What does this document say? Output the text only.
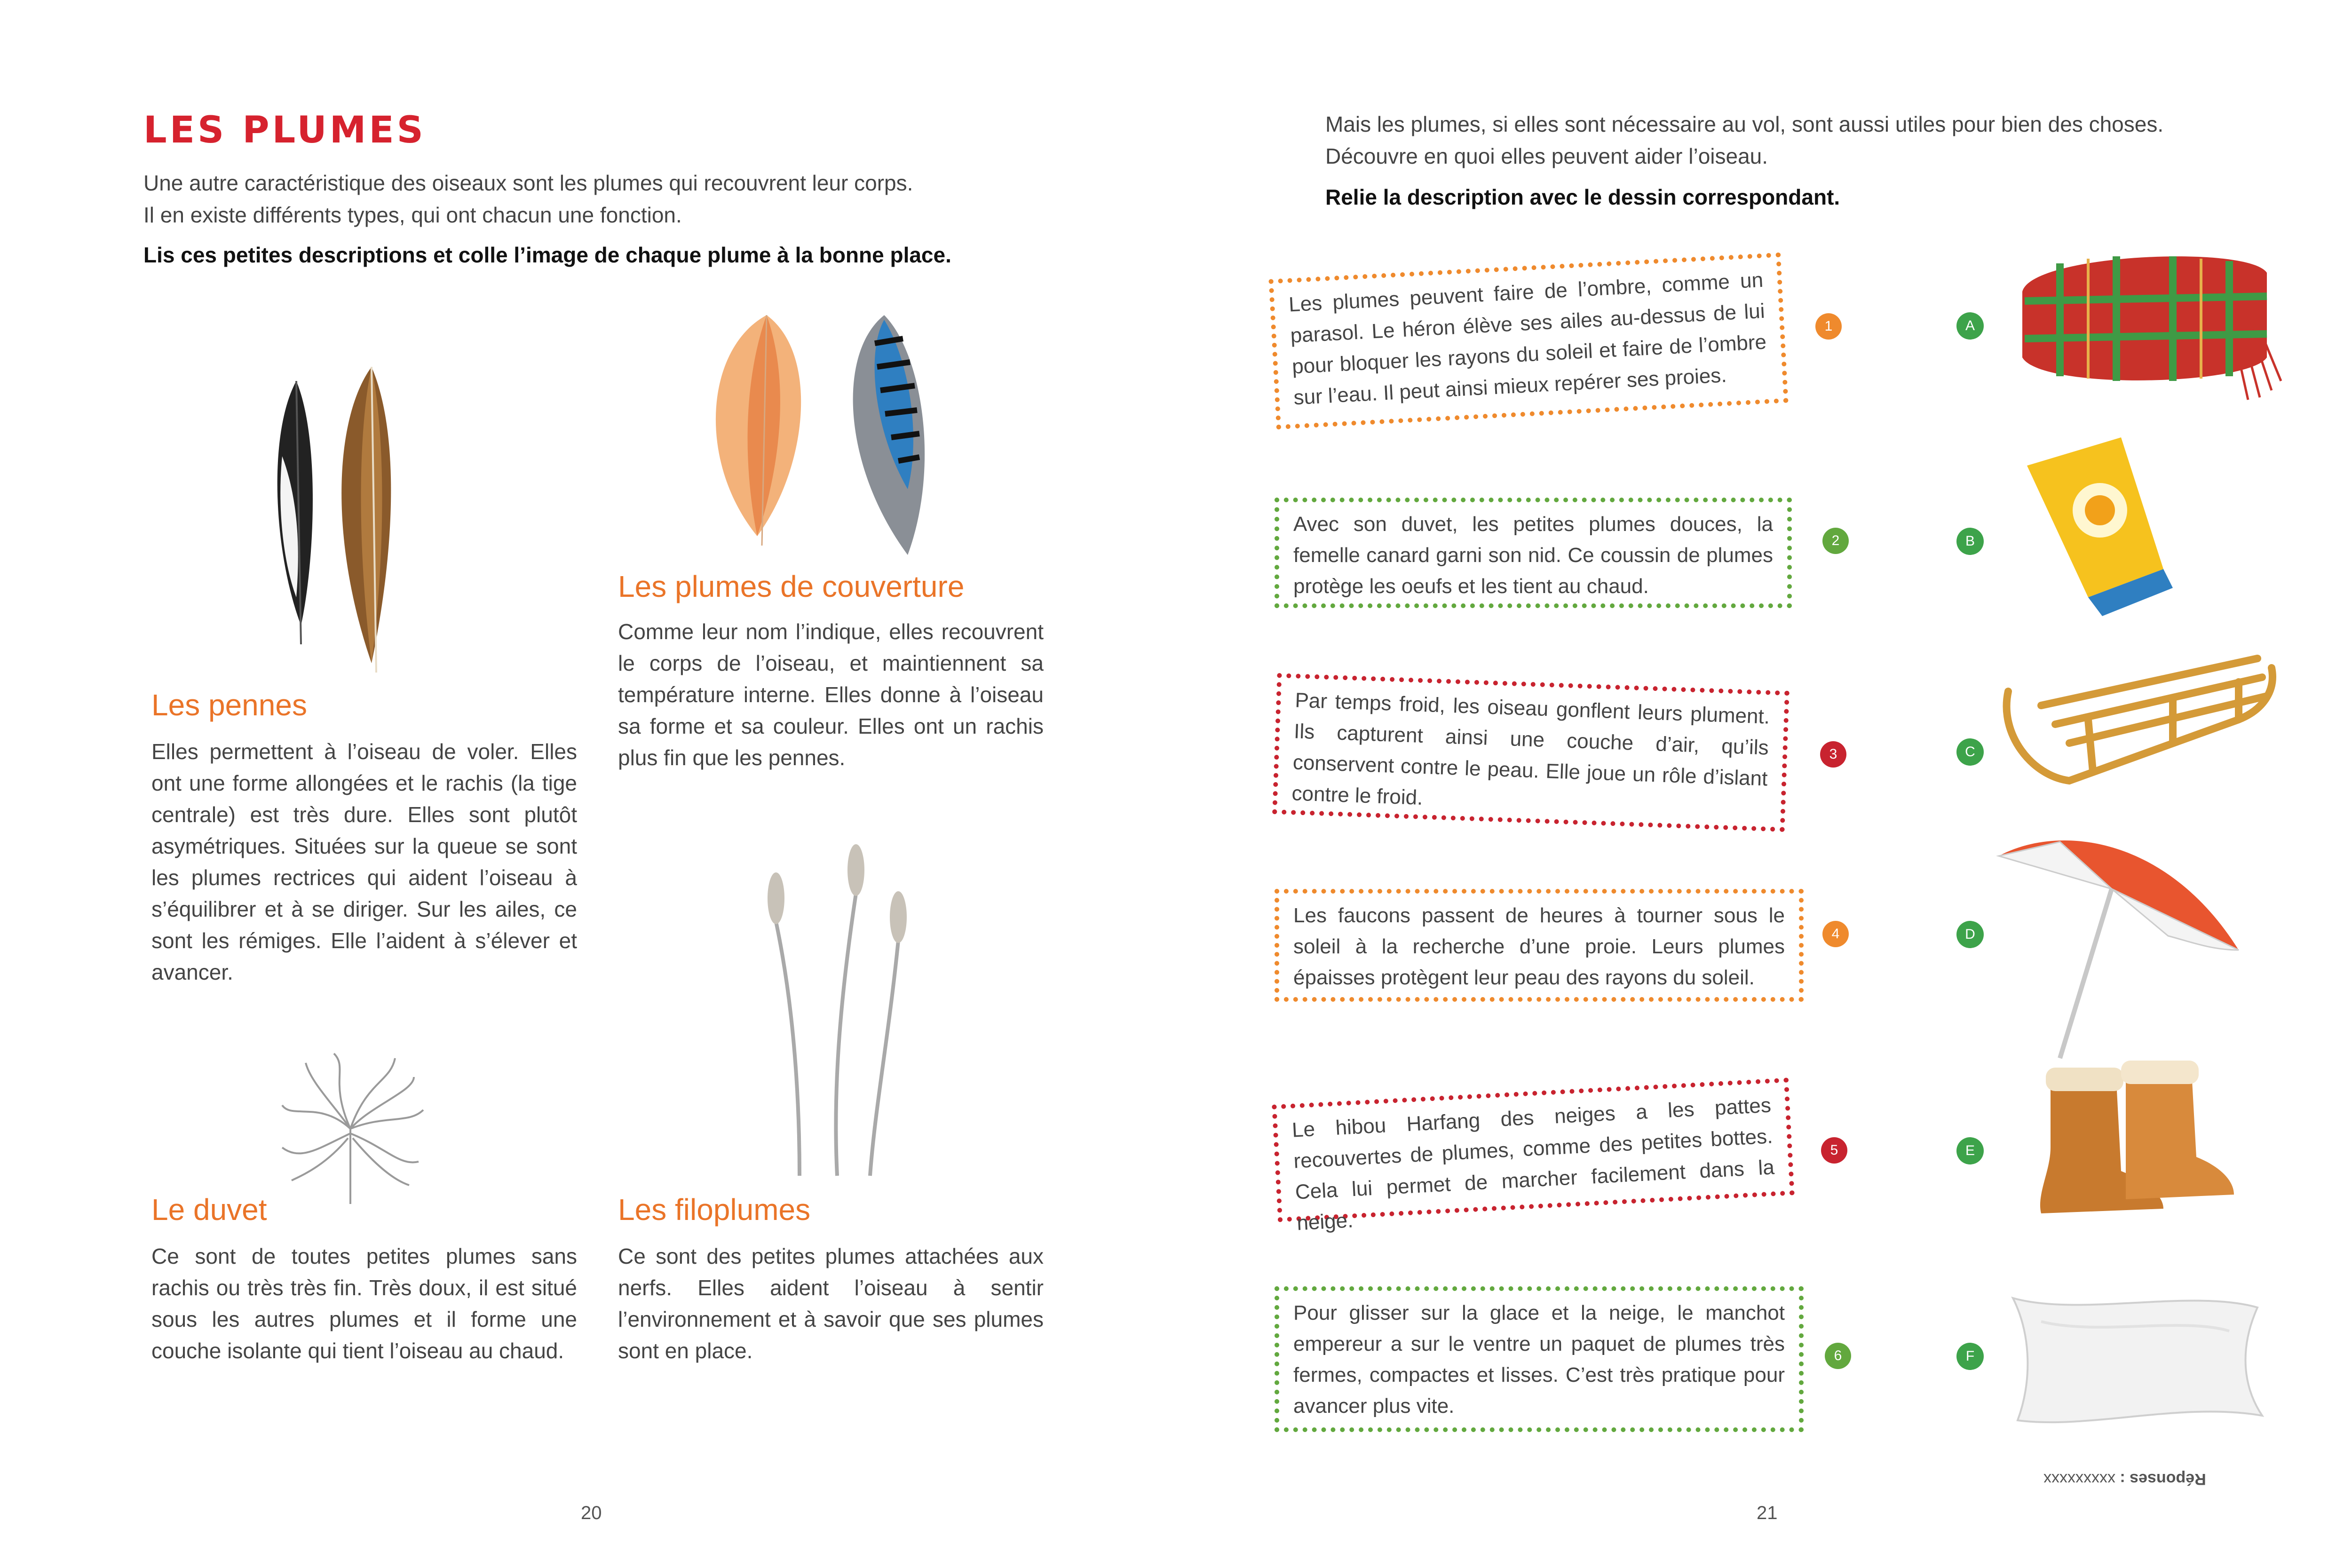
LES PLUMES
Une autre caractéristique des oiseaux sont les plumes qui recouvrent leur corps.
Il en existe différents types, qui ont chacun une fonction.
Lis ces petites descriptions et colle l’image de chaque plume à la bonne place.
Les plumes de couverture
Comme leur nom l’indique, elles recouvrent le corps de l’oiseau, et maintiennent sa température interne. Elles donne à l’oiseau sa forme et sa couleur. Elles ont un rachis plus fin que les pennes.
Les pennes
Elles permettent à l’oiseau de voler. Elles ont une forme allongées et le rachis (la tige centrale) est très dure. Elles sont plutôt asymétriques. Situées sur la queue se sont les plumes rectrices qui aident l’oiseau à s’équilibrer et à se diriger. Sur les ailes, ce sont les rémiges. Elle l’aident à s’élever et avancer.
Le duvet
Ce sont de toutes petites plumes sans rachis ou très très fin. Très doux, il est situé sous les autres plumes et il forme une couche isolante qui tient l’oiseau au chaud.
Les filoplumes
Ce sont des petites plumes attachées aux nerfs. Elles aident l’oiseau à sentir l’environnement et à savoir que ses plumes sont en place.
20
Mais les plumes, si elles sont nécessaire au vol, sont aussi utiles pour bien des choses.
Découvre en quoi elles peuvent aider l’oiseau.
Relie la description avec le dessin correspondant.
Les plumes peuvent faire de l’ombre, comme un parasol. Le héron élève ses ailes au-dessus de lui pour bloquer les rayons du soleil et faire de l’ombre sur l’eau. Il peut ainsi mieux repérer ses proies.
1
Avec son duvet, les petites plumes douces, la femelle canard garni son nid. Ce coussin de plumes protège les oeufs et les tient au chaud.
2
Par temps froid, les oiseau gonflent leurs plument. Ils capturent ainsi une couche d’air, qu’ils conservent contre le peau. Elle joue un rôle d’islant contre le froid.
3
Les faucons passent de heures à tourner sous le soleil à la recherche d’une proie. Leurs plumes épaisses protègent leur peau des rayons du soleil.
4
Le hibou Harfang des neiges a les pattes recouvertes de plumes, comme des petites bottes. Cela lui permet de marcher facilement dans la neige.
5
Pour glisser sur la glace et la neige, le manchot empereur a sur le ventre un paquet de plumes très fermes, compactes et lisses. C’est très pratique pour avancer plus vite.
6
A
B
C
D
E
F
Réponses : xxxxxxxxx
21
